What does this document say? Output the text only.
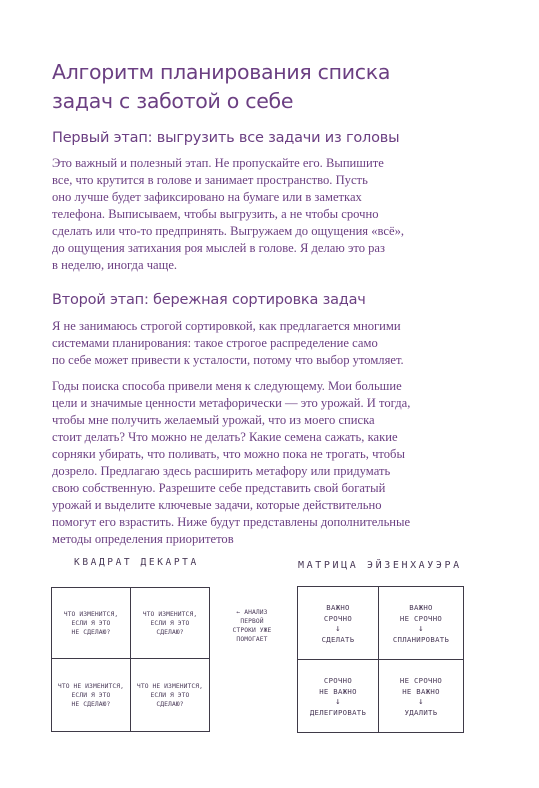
Алгоритм планирования списка
задач с заботой о себе
Первый этап: выгрузить все задачи из головы
Это важный и полезный этап. Не пропускайте его. Выпишите
все, что крутится в голове и занимает пространство. Пусть
оно лучше будет зафиксировано на бумаге или в заметках
телефона. Выписываем, чтобы выгрузить, а не чтобы срочно
сделать или что-то предпринять. Выгружаем до ощущения «всё»,
до ощущения затихания роя мыслей в голове. Я делаю это раз
в неделю, иногда чаще.
Второй этап: бережная сортировка задач
Я не занимаюсь строгой сортировкой, как предлагается многими
системами планирования: такое строгое распределение само
по себе может привести к усталости, потому что выбор утомляет.
Годы поиска способа привели меня к следующему. Мои большие
цели и значимые ценности метафорически — это урожай. И тогда,
чтобы мне получить желаемый урожай, что из моего списка
стоит делать? Что можно не делать? Какие семена сажать, какие
сорняки убирать, что поливать, что можно пока не трогать, чтобы
дозрело. Предлагаю здесь расширить метафору или придумать
свою собственную. Разрешите себе представить свой богатый
урожай и выделите ключевые задачи, которые действительно
помогут его взрастить. Ниже будут представлены дополнительные
методы определения приоритетов
КВАДРАТ ДЕКАРТА
ЧТО ИЗМЕНИТСЯ,
ЕСЛИ Я ЭТО
НЕ СДЕЛАЮ?
ЧТО ИЗМЕНИТСЯ,
ЕСЛИ Я ЭТО
СДЕЛАЮ?
ЧТО НЕ ИЗМЕНИТСЯ,
ЕСЛИ Я ЭТО
НЕ СДЕЛАЮ?
ЧТО НЕ ИЗМЕНИТСЯ,
ЕСЛИ Я ЭТО
СДЕЛАЮ?
← АНАЛИЗ
ПЕРВОЙ
СТРОКИ УЖЕ
ПОМОГАЕТ
МАТРИЦА ЭЙЗЕНХАУЭРА
ВАЖНО
СРОЧНО
↓
СДЕЛАТЬ
ВАЖНО
НЕ СРОЧНО
↓
СПЛАНИРОВАТЬ
СРОЧНО
НЕ ВАЖНО
↓
ДЕЛЕГИРОВАТЬ
НЕ СРОЧНО
НЕ ВАЖНО
↓
УДАЛИТЬ
